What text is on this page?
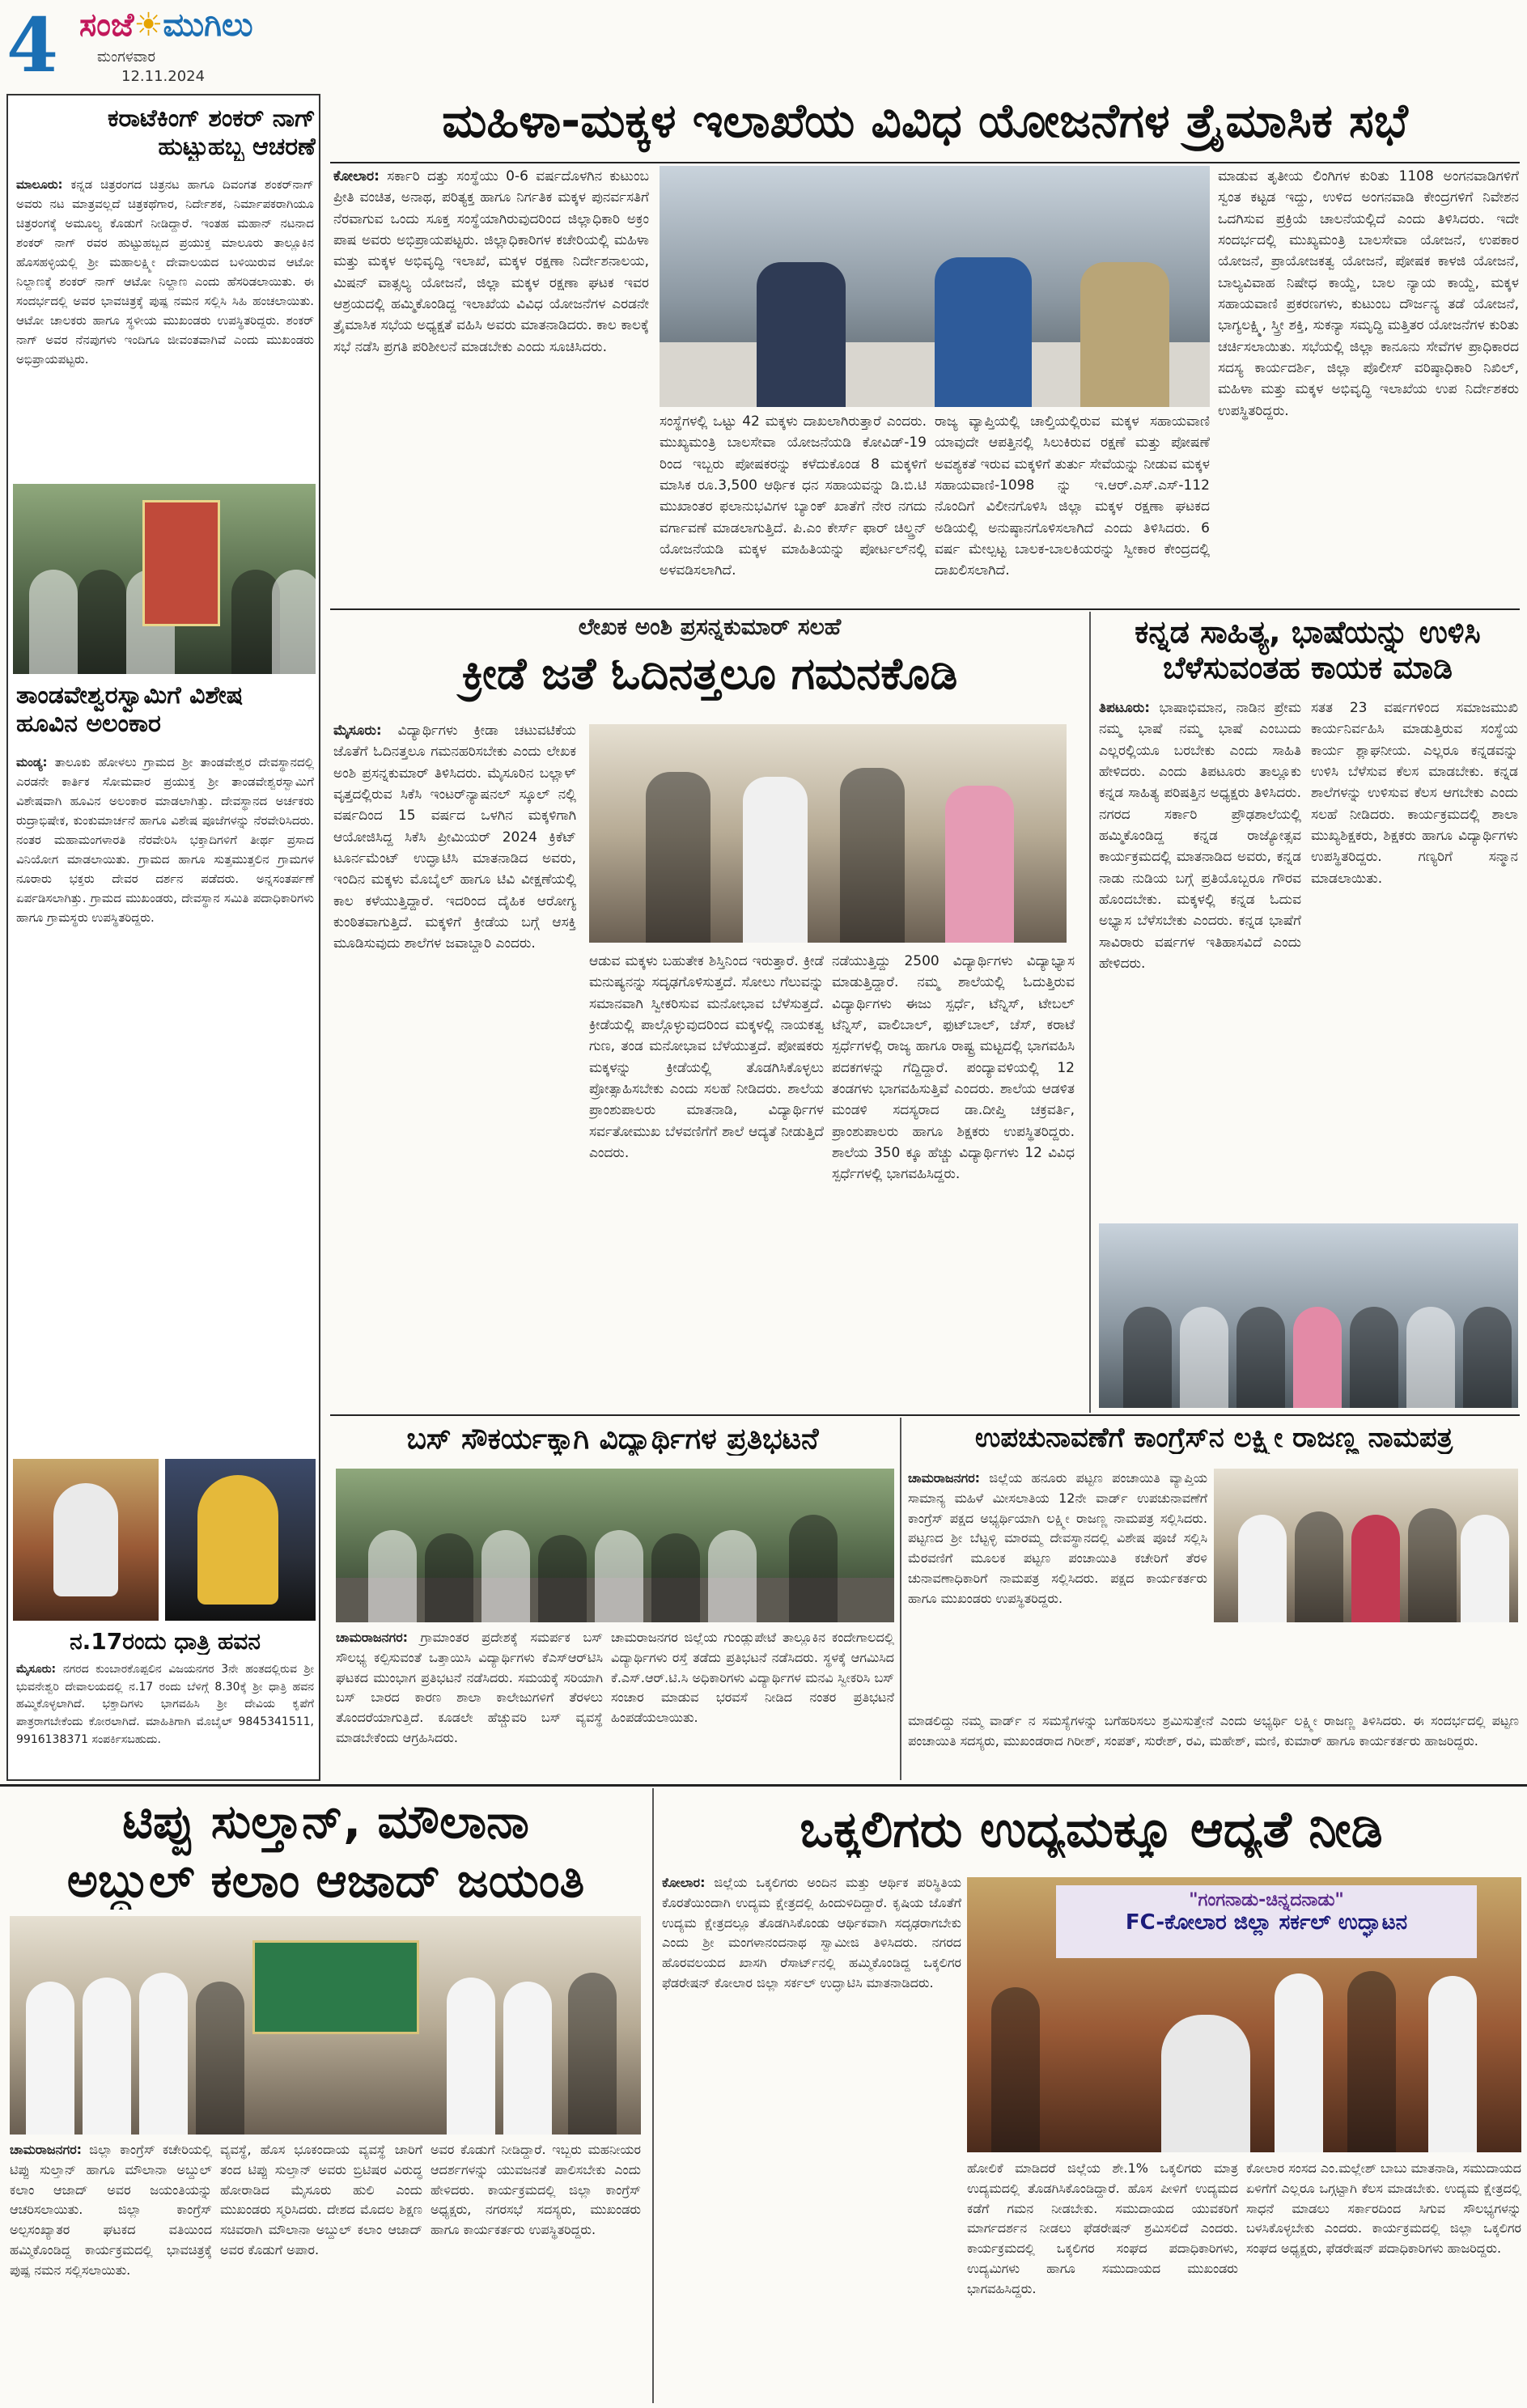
4 ಸಂಜೆ☀ಮುಗಿಲು
ಮಂಗಳವಾರ
12.11.2024
ಕರಾಟೆಕಿಂಗ್ ಶಂಕರ್ ನಾಗ್
ಹುಟ್ಟುಹಬ್ಬ ಆಚರಣೆ
ಮಾಲೂರು: ಕನ್ನಡ ಚಿತ್ರರಂಗದ ಚಿತ್ರನಟ ಹಾಗೂ ದಿವಂಗತ ಶಂಕರ್‌ನಾಗ್ ಅವರು ನಟ ಮಾತ್ರವಲ್ಲದೆ ಚಿತ್ರಕಥೆಗಾರ, ನಿರ್ದೇಶಕ, ನಿರ್ಮಾಪಕರಾಗಿಯೂ ಚಿತ್ರರಂಗಕ್ಕೆ ಅಮೂಲ್ಯ ಕೊಡುಗೆ ನೀಡಿದ್ದಾರೆ. ಇಂತಹ ಮಹಾನ್ ನಟನಾದ ಶಂಕರ್ ನಾಗ್ ರವರ ಹುಟ್ಟುಹಬ್ಬದ ಪ್ರಯುಕ್ತ ಮಾಲೂರು ತಾಲ್ಲೂಕಿನ ಹೊಸಹಳ್ಳಿಯಲ್ಲಿ ಶ್ರೀ ಮಹಾಲಕ್ಷ್ಮೀ ದೇವಾಲಯದ ಬಳಿಯಿರುವ ಆಟೋ ನಿಲ್ದಾಣಕ್ಕೆ ಶಂಕರ್ ನಾಗ್ ಆಟೋ ನಿಲ್ದಾಣ ಎಂದು ಹೆಸರಿಡಲಾಯಿತು. ಈ ಸಂದರ್ಭದಲ್ಲಿ ಅವರ ಭಾವಚಿತ್ರಕ್ಕೆ ಪುಷ್ಪ ನಮನ ಸಲ್ಲಿಸಿ ಸಿಹಿ ಹಂಚಲಾಯಿತು. ಆಟೋ ಚಾಲಕರು ಹಾಗೂ ಸ್ಥಳೀಯ ಮುಖಂಡರು ಉಪಸ್ಥಿತರಿದ್ದರು. ಶಂಕರ್ ನಾಗ್ ಅವರ ನೆನಪುಗಳು ಇಂದಿಗೂ ಜೀವಂತವಾಗಿವೆ ಎಂದು ಮುಖಂಡರು ಅಭಿಪ್ರಾಯಪಟ್ಟರು.
ತಾಂಡವೇಶ್ವರಸ್ವಾಮಿಗೆ ವಿಶೇಷ
ಹೂವಿನ ಅಲಂಕಾರ
ಮಂಡ್ಯ: ತಾಲೂಕು ಹೋಳಲು ಗ್ರಾಮದ ಶ್ರೀ ತಾಂಡವೇಶ್ವರ ದೇವಸ್ಥಾನದಲ್ಲಿ ಎರಡನೇ ಕಾರ್ತಿಕ ಸೋಮವಾರ ಪ್ರಯುಕ್ತ ಶ್ರೀ ತಾಂಡವೇಶ್ವರಸ್ವಾಮಿಗೆ ವಿಶೇಷವಾಗಿ ಹೂವಿನ ಅಲಂಕಾರ ಮಾಡಲಾಗಿತ್ತು. ದೇವಸ್ಥಾನದ ಅರ್ಚಕರು ರುದ್ರಾಭಿಷೇಕ, ಕುಂಕುಮಾರ್ಚನೆ ಹಾಗೂ ವಿಶೇಷ ಪೂಜೆಗಳನ್ನು ನೆರವೇರಿಸಿದರು. ನಂತರ ಮಹಾಮಂಗಳಾರತಿ ನೆರವೇರಿಸಿ ಭಕ್ತಾದಿಗಳಿಗೆ ತೀರ್ಥ ಪ್ರಸಾದ ವಿನಿಯೋಗ ಮಾಡಲಾಯಿತು. ಗ್ರಾಮದ ಹಾಗೂ ಸುತ್ತಮುತ್ತಲಿನ ಗ್ರಾಮಗಳ ನೂರಾರು ಭಕ್ತರು ದೇವರ ದರ್ಶನ ಪಡೆದರು. ಅನ್ನಸಂತರ್ಪಣೆ ಏರ್ಪಡಿಸಲಾಗಿತ್ತು. ಗ್ರಾಮದ ಮುಖಂಡರು, ದೇವಸ್ಥಾನ ಸಮಿತಿ ಪದಾಧಿಕಾರಿಗಳು ಹಾಗೂ ಗ್ರಾಮಸ್ಥರು ಉಪಸ್ಥಿತರಿದ್ದರು.
ನ.17ರಂದು ಧಾತ್ರಿ ಹವನ
ಮೈಸೂರು: ನಗರದ ಕುಂಬಾರಕೊಪ್ಪಲಿನ ವಿಜಯನಗರ 3ನೇ ಹಂತದಲ್ಲಿರುವ ಶ್ರೀ ಭುವನೇಶ್ವರಿ ದೇವಾಲಯದಲ್ಲಿ ನ.17 ರಂದು ಬೆಳಿಗ್ಗೆ 8.30ಕ್ಕೆ ಶ್ರೀ ಧಾತ್ರಿ ಹವನ ಹಮ್ಮಿಕೊಳ್ಳಲಾಗಿದೆ. ಭಕ್ತಾದಿಗಳು ಭಾಗವಹಿಸಿ ಶ್ರೀ ದೇವಿಯ ಕೃಪೆಗೆ ಪಾತ್ರರಾಗಬೇಕೆಂದು ಕೋರಲಾಗಿದೆ. ಮಾಹಿತಿಗಾಗಿ ಮೊಬೈಲ್ 9845341511, 9916138371 ಸಂಪರ್ಕಿಸಬಹುದು.
ಮಹಿಳಾ-ಮಕ್ಕಳ ಇಲಾಖೆಯ ವಿವಿಧ ಯೋಜನೆಗಳ ತ್ರೈಮಾಸಿಕ ಸಭೆ
ಕೋಲಾರ: ಸರ್ಕಾರಿ ದತ್ತು ಸಂಸ್ಥೆಯು 0-6 ವರ್ಷದೊಳಗಿನ ಕುಟುಂಬ ಪ್ರೀತಿ ವಂಚಿತ, ಅನಾಥ, ಪರಿತ್ಯಕ್ತ ಹಾಗೂ ನಿರ್ಗತಿಕ ಮಕ್ಕಳ ಪುನರ್ವಸತಿಗೆ ನೆರವಾಗುವ ಒಂದು ಸೂಕ್ತ ಸಂಸ್ಥೆಯಾಗಿರುವುದರಿಂದ ಜಿಲ್ಲಾಧಿಕಾರಿ ಅಕ್ರಂ ಪಾಷ ಅವರು ಅಭಿಪ್ರಾಯಪಟ್ಟರು. ಜಿಲ್ಲಾಧಿಕಾರಿಗಳ ಕಚೇರಿಯಲ್ಲಿ ಮಹಿಳಾ ಮತ್ತು ಮಕ್ಕಳ ಅಭಿವೃದ್ಧಿ ಇಲಾಖೆ, ಮಕ್ಕಳ ರಕ್ಷಣಾ ನಿರ್ದೇಶನಾಲಯ, ಮಿಷನ್ ವಾತ್ಸಲ್ಯ ಯೋಜನೆ, ಜಿಲ್ಲಾ ಮಕ್ಕಳ ರಕ್ಷಣಾ ಘಟಕ ಇವರ ಆಶ್ರಯದಲ್ಲಿ ಹಮ್ಮಿಕೊಂಡಿದ್ದ ಇಲಾಖೆಯ ವಿವಿಧ ಯೋಜನೆಗಳ ಎರಡನೇ ತ್ರೈಮಾಸಿಕ ಸಭೆಯ ಅಧ್ಯಕ್ಷತೆ ವಹಿಸಿ ಅವರು ಮಾತನಾಡಿದರು. ಕಾಲ ಕಾಲಕ್ಕೆ ಸಭೆ ನಡೆಸಿ ಪ್ರಗತಿ ಪರಿಶೀಲನೆ ಮಾಡಬೇಕು ಎಂದು ಸೂಚಿಸಿದರು.
ಸಂಸ್ಥೆಗಳಲ್ಲಿ ಒಟ್ಟು 42 ಮಕ್ಕಳು ದಾಖಲಾಗಿರುತ್ತಾರೆ ಎಂದರು. ಮುಖ್ಯಮಂತ್ರಿ ಬಾಲಸೇವಾ ಯೋಜನೆಯಡಿ ಕೋವಿಡ್-19 ರಿಂದ ಇಬ್ಬರು ಪೋಷಕರನ್ನು ಕಳೆದುಕೊಂಡ 8 ಮಕ್ಕಳಿಗೆ ಮಾಸಿಕ ರೂ.3,500 ಆರ್ಥಿಕ ಧನ ಸಹಾಯವನ್ನು ಡಿ.ಬಿ.ಟಿ ಮುಖಾಂತರ ಫಲಾನುಭವಿಗಳ ಬ್ಯಾಂಕ್ ಖಾತೆಗೆ ನೇರ ನಗದು ವರ್ಗಾವಣೆ ಮಾಡಲಾಗುತ್ತಿದೆ. ಪಿ.ಎಂ ಕೇರ್ಸ್ ಫಾರ್ ಚಿಲ್ಡ್ರನ್ ಯೋಜನೆಯಡಿ ಮಕ್ಕಳ ಮಾಹಿತಿಯನ್ನು ಪೋರ್ಟಲ್‌ನಲ್ಲಿ ಅಳವಡಿಸಲಾಗಿದೆ.
ರಾಜ್ಯ ವ್ಯಾಪ್ತಿಯಲ್ಲಿ ಚಾಲ್ತಿಯಲ್ಲಿರುವ ಮಕ್ಕಳ ಸಹಾಯವಾಣಿ ಯಾವುದೇ ಆಪತ್ತಿನಲ್ಲಿ ಸಿಲುಕಿರುವ ರಕ್ಷಣೆ ಮತ್ತು ಪೋಷಣೆ ಅವಶ್ಯಕತೆ ಇರುವ ಮಕ್ಕಳಿಗೆ ತುರ್ತು ಸೇವೆಯನ್ನು ನೀಡುವ ಮಕ್ಕಳ ಸಹಾಯವಾಣಿ-1098 ನ್ನು ಇ.ಆರ್.ಎಸ್.ಎಸ್-112 ನೊಂದಿಗೆ ವಿಲೀನಗೊಳಿಸಿ ಜಿಲ್ಲಾ ಮಕ್ಕಳ ರಕ್ಷಣಾ ಘಟಕದ ಅಡಿಯಲ್ಲಿ ಅನುಷ್ಠಾನಗೊಳಿಸಲಾಗಿದೆ ಎಂದು ತಿಳಿಸಿದರು. 6 ವರ್ಷ ಮೇಲ್ಪಟ್ಟ ಬಾಲಕ-ಬಾಲಕಿಯರನ್ನು ಸ್ವೀಕಾರ ಕೇಂದ್ರದಲ್ಲಿ ದಾಖಲಿಸಲಾಗಿದೆ.
ಮಾಡುವ ತೃತೀಯ ಲಿಂಗಿಗಳ ಕುರಿತು 1108 ಅಂಗನವಾಡಿಗಳಿಗೆ ಸ್ವಂತ ಕಟ್ಟಡ ಇದ್ದು, ಉಳಿದ ಅಂಗನವಾಡಿ ಕೇಂದ್ರಗಳಿಗೆ ನಿವೇಶನ ಒದಗಿಸುವ ಪ್ರಕ್ರಿಯೆ ಚಾಲನೆಯಲ್ಲಿದೆ ಎಂದು ತಿಳಿಸಿದರು. ಇದೇ ಸಂದರ್ಭದಲ್ಲಿ ಮುಖ್ಯಮಂತ್ರಿ ಬಾಲಸೇವಾ ಯೋಜನೆ, ಉಪಕಾರ ಯೋಜನೆ, ಪ್ರಾಯೋಜಕತ್ವ ಯೋಜನೆ, ಪೋಷಕ ಕಾಳಜಿ ಯೋಜನೆ, ಬಾಲ್ಯವಿವಾಹ ನಿಷೇಧ ಕಾಯ್ದೆ, ಬಾಲ ನ್ಯಾಯ ಕಾಯ್ದೆ, ಮಕ್ಕಳ ಸಹಾಯವಾಣಿ ಪ್ರಕರಣಗಳು, ಕುಟುಂಬ ದೌರ್ಜನ್ಯ ತಡೆ ಯೋಜನೆ, ಭಾಗ್ಯಲಕ್ಷ್ಮಿ, ಸ್ತ್ರೀ ಶಕ್ತಿ, ಸುಕನ್ಯಾ ಸಮೃದ್ಧಿ ಮತ್ತಿತರ ಯೋಜನೆಗಳ ಕುರಿತು ಚರ್ಚಿಸಲಾಯಿತು. ಸಭೆಯಲ್ಲಿ ಜಿಲ್ಲಾ ಕಾನೂನು ಸೇವೆಗಳ ಪ್ರಾಧಿಕಾರದ ಸದಸ್ಯ ಕಾರ್ಯದರ್ಶಿ, ಜಿಲ್ಲಾ ಪೊಲೀಸ್ ವರಿಷ್ಠಾಧಿಕಾರಿ ನಿಖಿಲ್, ಮಹಿಳಾ ಮತ್ತು ಮಕ್ಕಳ ಅಭಿವೃದ್ಧಿ ಇಲಾಖೆಯ ಉಪ ನಿರ್ದೇಶಕರು ಉಪಸ್ಥಿತರಿದ್ದರು.
ಲೇಖಕ ಅಂಶಿ ಪ್ರಸನ್ನಕುಮಾರ್ ಸಲಹೆ
ಕ್ರೀಡೆ ಜತೆ ಓದಿನತ್ತಲೂ ಗಮನಕೊಡಿ
ಮೈಸೂರು: ವಿದ್ಯಾರ್ಥಿಗಳು ಕ್ರೀಡಾ ಚಟುವಟಿಕೆಯ ಜೊತೆಗೆ ಓದಿನತ್ತಲೂ ಗಮನಹರಿಸಬೇಕು ಎಂದು ಲೇಖಕ ಅಂಶಿ ಪ್ರಸನ್ನಕುಮಾರ್ ತಿಳಿಸಿದರು. ಮೈಸೂರಿನ ಬಲ್ಲಾಳ್ ವೃತ್ತದಲ್ಲಿರುವ ಸಿಕೆಸಿ ಇಂಟರ್‌ನ್ಯಾಷನಲ್ ಸ್ಕೂಲ್ ನಲ್ಲಿ ವರ್ಷದಿಂದ 15 ವರ್ಷದ ಒಳಗಿನ ಮಕ್ಕಳಿಗಾಗಿ ಆಯೋಜಿಸಿದ್ದ ಸಿಕೆಸಿ ಪ್ರೀಮಿಯರ್ 2024 ಕ್ರಿಕೆಟ್ ಟೂರ್ನಮೆಂಟ್ ಉದ್ಘಾಟಿಸಿ ಮಾತನಾಡಿದ ಅವರು, ಇಂದಿನ ಮಕ್ಕಳು ಮೊಬೈಲ್ ಹಾಗೂ ಟಿವಿ ವೀಕ್ಷಣೆಯಲ್ಲಿ ಕಾಲ ಕಳೆಯುತ್ತಿದ್ದಾರೆ. ಇದರಿಂದ ದೈಹಿಕ ಆರೋಗ್ಯ ಕುಂಠಿತವಾಗುತ್ತಿದೆ. ಮಕ್ಕಳಿಗೆ ಕ್ರೀಡೆಯ ಬಗ್ಗೆ ಆಸಕ್ತಿ ಮೂಡಿಸುವುದು ಶಾಲೆಗಳ ಜವಾಬ್ದಾರಿ ಎಂದರು.
ಆಡುವ ಮಕ್ಕಳು ಬಹುತೇಕ ಶಿಸ್ತಿನಿಂದ ಇರುತ್ತಾರೆ. ಕ್ರೀಡೆ ಮನುಷ್ಯನನ್ನು ಸದೃಢಗೊಳಿಸುತ್ತದೆ. ಸೋಲು ಗೆಲುವನ್ನು ಸಮಾನವಾಗಿ ಸ್ವೀಕರಿಸುವ ಮನೋಭಾವ ಬೆಳೆಸುತ್ತದೆ. ಕ್ರೀಡೆಯಲ್ಲಿ ಪಾಲ್ಗೊಳ್ಳುವುದರಿಂದ ಮಕ್ಕಳಲ್ಲಿ ನಾಯಕತ್ವ ಗುಣ, ತಂಡ ಮನೋಭಾವ ಬೆಳೆಯುತ್ತದೆ. ಪೋಷಕರು ಮಕ್ಕಳನ್ನು ಕ್ರೀಡೆಯಲ್ಲಿ ತೊಡಗಿಸಿಕೊಳ್ಳಲು ಪ್ರೋತ್ಸಾಹಿಸಬೇಕು ಎಂದು ಸಲಹೆ ನೀಡಿದರು. ಶಾಲೆಯ ಪ್ರಾಂಶುಪಾಲರು ಮಾತನಾಡಿ, ವಿದ್ಯಾರ್ಥಿಗಳ ಸರ್ವತೋಮುಖ ಬೆಳವಣಿಗೆಗೆ ಶಾಲೆ ಆದ್ಯತೆ ನೀಡುತ್ತಿದೆ ಎಂದರು.
ನಡೆಯುತ್ತಿದ್ದು 2500 ವಿದ್ಯಾರ್ಥಿಗಳು ವಿದ್ಯಾಭ್ಯಾಸ ಮಾಡುತ್ತಿದ್ದಾರೆ. ನಮ್ಮ ಶಾಲೆಯಲ್ಲಿ ಓದುತ್ತಿರುವ ವಿದ್ಯಾರ್ಥಿಗಳು ಈಜು ಸ್ಪರ್ಧೆ, ಟೆನ್ನಿಸ್, ಟೇಬಲ್ ಟೆನ್ನಿಸ್, ವಾಲಿಬಾಲ್, ಫುಟ್‌ಬಾಲ್, ಚೆಸ್, ಕರಾಟೆ ಸ್ಪರ್ಧೆಗಳಲ್ಲಿ ರಾಜ್ಯ ಹಾಗೂ ರಾಷ್ಟ್ರ ಮಟ್ಟದಲ್ಲಿ ಭಾಗವಹಿಸಿ ಪದಕಗಳನ್ನು ಗೆದ್ದಿದ್ದಾರೆ. ಪಂದ್ಯಾವಳಿಯಲ್ಲಿ 12 ತಂಡಗಳು ಭಾಗವಹಿಸುತ್ತಿವೆ ಎಂದರು. ಶಾಲೆಯ ಆಡಳಿತ ಮಂಡಳಿ ಸದಸ್ಯರಾದ ಡಾ.ದೀಪ್ತಿ ಚಕ್ರವರ್ತಿ, ಪ್ರಾಂಶುಪಾಲರು ಹಾಗೂ ಶಿಕ್ಷಕರು ಉಪಸ್ಥಿತರಿದ್ದರು. ಶಾಲೆಯ 350 ಕ್ಕೂ ಹೆಚ್ಚು ವಿದ್ಯಾರ್ಥಿಗಳು 12 ವಿವಿಧ ಸ್ಪರ್ಧೆಗಳಲ್ಲಿ ಭಾಗವಹಿಸಿದ್ದರು.
ಕನ್ನಡ ಸಾಹಿತ್ಯ, ಭಾಷೆಯನ್ನು ಉಳಿಸಿ
ಬೆಳೆಸುವಂತಹ ಕಾಯಕ ಮಾಡಿ
ತಿಪಟೂರು: ಭಾಷಾಭಿಮಾನ, ನಾಡಿನ ಪ್ರೇಮ ನಮ್ಮ ಭಾಷೆ ನಮ್ಮ ಭಾಷೆ ಎಂಬುದು ಎಲ್ಲರಲ್ಲಿಯೂ ಬರಬೇಕು ಎಂದು ಸಾಹಿತಿ ಹೇಳಿದರು. ಎಂದು ತಿಪಟೂರು ತಾಲ್ಲೂಕು ಕನ್ನಡ ಸಾಹಿತ್ಯ ಪರಿಷತ್ತಿನ ಅಧ್ಯಕ್ಷರು ತಿಳಿಸಿದರು. ನಗರದ ಸರ್ಕಾರಿ ಪ್ರೌಢಶಾಲೆಯಲ್ಲಿ ಹಮ್ಮಿಕೊಂಡಿದ್ದ ಕನ್ನಡ ರಾಜ್ಯೋತ್ಸವ ಕಾರ್ಯಕ್ರಮದಲ್ಲಿ ಮಾತನಾಡಿದ ಅವರು, ಕನ್ನಡ ನಾಡು ನುಡಿಯ ಬಗ್ಗೆ ಪ್ರತಿಯೊಬ್ಬರೂ ಗೌರವ ಹೊಂದಬೇಕು. ಮಕ್ಕಳಲ್ಲಿ ಕನ್ನಡ ಓದುವ ಅಭ್ಯಾಸ ಬೆಳೆಸಬೇಕು ಎಂದರು. ಕನ್ನಡ ಭಾಷೆಗೆ ಸಾವಿರಾರು ವರ್ಷಗಳ ಇತಿಹಾಸವಿದೆ ಎಂದು ಹೇಳಿದರು.
ಸತತ 23 ವರ್ಷಗಳಿಂದ ಸಮಾಜಮುಖಿ ಕಾರ್ಯನಿರ್ವಹಿಸಿ ಮಾಡುತ್ತಿರುವ ಸಂಸ್ಥೆಯ ಕಾರ್ಯ ಶ್ಲಾಘನೀಯ. ಎಲ್ಲರೂ ಕನ್ನಡವನ್ನು ಉಳಿಸಿ ಬೆಳೆಸುವ ಕೆಲಸ ಮಾಡಬೇಕು. ಕನ್ನಡ ಶಾಲೆಗಳನ್ನು ಉಳಿಸುವ ಕೆಲಸ ಆಗಬೇಕು ಎಂದು ಸಲಹೆ ನೀಡಿದರು. ಕಾರ್ಯಕ್ರಮದಲ್ಲಿ ಶಾಲಾ ಮುಖ್ಯಶಿಕ್ಷಕರು, ಶಿಕ್ಷಕರು ಹಾಗೂ ವಿದ್ಯಾರ್ಥಿಗಳು ಉಪಸ್ಥಿತರಿದ್ದರು. ಗಣ್ಯರಿಗೆ ಸನ್ಮಾನ ಮಾಡಲಾಯಿತು.
ಬಸ್ ಸೌಕರ್ಯಕ್ಕಾಗಿ ವಿದ್ಯಾರ್ಥಿಗಳ ಪ್ರತಿಭಟನೆ
ಚಾಮರಾಜನಗರ: ಗ್ರಾಮಾಂತರ ಪ್ರದೇಶಕ್ಕೆ ಸಮರ್ಪಕ ಬಸ್ ಸೌಲಭ್ಯ ಕಲ್ಪಿಸುವಂತೆ ಒತ್ತಾಯಿಸಿ ವಿದ್ಯಾರ್ಥಿಗಳು ಕೆಎಸ್‌ಆರ್‌ಟಿಸಿ ಘಟಕದ ಮುಂಭಾಗ ಪ್ರತಿಭಟನೆ ನಡೆಸಿದರು. ಸಮಯಕ್ಕೆ ಸರಿಯಾಗಿ ಬಸ್ ಬಾರದ ಕಾರಣ ಶಾಲಾ ಕಾಲೇಜುಗಳಿಗೆ ತೆರಳಲು ತೊಂದರೆಯಾಗುತ್ತಿದೆ. ಕೂಡಲೇ ಹೆಚ್ಚುವರಿ ಬಸ್ ವ್ಯವಸ್ಥೆ ಮಾಡಬೇಕೆಂದು ಆಗ್ರಹಿಸಿದರು.
ಚಾಮರಾಜನಗರ ಜಿಲ್ಲೆಯ ಗುಂಡ್ಲುಪೇಟೆ ತಾಲ್ಲೂಕಿನ ಕಂದೇಗಾಲದಲ್ಲಿ ವಿದ್ಯಾರ್ಥಿಗಳು ರಸ್ತೆ ತಡೆದು ಪ್ರತಿಭಟನೆ ನಡೆಸಿದರು. ಸ್ಥಳಕ್ಕೆ ಆಗಮಿಸಿದ ಕೆ.ಎಸ್.ಆರ್.ಟಿ.ಸಿ ಅಧಿಕಾರಿಗಳು ವಿದ್ಯಾರ್ಥಿಗಳ ಮನವಿ ಸ್ವೀಕರಿಸಿ ಬಸ್ ಸಂಚಾರ ಮಾಡುವ ಭರವಸೆ ನೀಡಿದ ನಂತರ ಪ್ರತಿಭಟನೆ ಹಿಂಪಡೆಯಲಾಯಿತು.
ಉಪಚುನಾವಣೆಗೆ ಕಾಂಗ್ರೆಸ್‌ನ ಲಕ್ಷ್ಮೀ ರಾಜಣ್ಣ ನಾಮಪತ್ರ
ಚಾಮರಾಜನಗರ: ಜಿಲ್ಲೆಯ ಹನೂರು ಪಟ್ಟಣ ಪಂಚಾಯಿತಿ ವ್ಯಾಪ್ತಿಯ ಸಾಮಾನ್ಯ ಮಹಿಳೆ ಮೀಸಲಾತಿಯ 12ನೇ ವಾರ್ಡ್ ಉಪಚುನಾವಣೆಗೆ ಕಾಂಗ್ರೆಸ್ ಪಕ್ಷದ ಅಭ್ಯರ್ಥಿಯಾಗಿ ಲಕ್ಷ್ಮೀ ರಾಜಣ್ಣ ನಾಮಪತ್ರ ಸಲ್ಲಿಸಿದರು. ಪಟ್ಟಣದ ಶ್ರೀ ಬೆಟ್ಟಳ್ಳಿ ಮಾರಮ್ಮ ದೇವಸ್ಥಾನದಲ್ಲಿ ವಿಶೇಷ ಪೂಜೆ ಸಲ್ಲಿಸಿ ಮೆರವಣಿಗೆ ಮೂಲಕ ಪಟ್ಟಣ ಪಂಚಾಯಿತಿ ಕಚೇರಿಗೆ ತೆರಳಿ ಚುನಾವಣಾಧಿಕಾರಿಗೆ ನಾಮಪತ್ರ ಸಲ್ಲಿಸಿದರು. ಪಕ್ಷದ ಕಾರ್ಯಕರ್ತರು ಹಾಗೂ ಮುಖಂಡರು ಉಪಸ್ಥಿತರಿದ್ದರು.
ಮಾಡಲಿದ್ದು ನಮ್ಮ ವಾರ್ಡ್ ನ ಸಮಸ್ಯೆಗಳನ್ನು ಬಗೆಹರಿಸಲು ಶ್ರಮಿಸುತ್ತೇನೆ ಎಂದು ಅಭ್ಯರ್ಥಿ ಲಕ್ಷ್ಮೀ ರಾಜಣ್ಣ ತಿಳಿಸಿದರು. ಈ ಸಂದರ್ಭದಲ್ಲಿ ಪಟ್ಟಣ ಪಂಚಾಯಿತಿ ಸದಸ್ಯರು, ಮುಖಂಡರಾದ ಗಿರೀಶ್, ಸಂಪತ್, ಸುರೇಶ್, ರವಿ, ಮಹೇಶ್, ಮಣಿ, ಕುಮಾರ್ ಹಾಗೂ ಕಾರ್ಯಕರ್ತರು ಹಾಜರಿದ್ದರು.
ಟಿಪ್ಪು ಸುಲ್ತಾನ್, ಮೌಲಾನಾ
ಅಬ್ದುಲ್ ಕಲಾಂ ಆಜಾದ್ ಜಯಂತಿ
ಚಾಮರಾಜನಗರ: ಜಿಲ್ಲಾ ಕಾಂಗ್ರೆಸ್ ಕಚೇರಿಯಲ್ಲಿ ಟಿಪ್ಪು ಸುಲ್ತಾನ್ ಹಾಗೂ ಮೌಲಾನಾ ಅಬ್ದುಲ್ ಕಲಾಂ ಆಜಾದ್ ಅವರ ಜಯಂತಿಯನ್ನು ಆಚರಿಸಲಾಯಿತು. ಜಿಲ್ಲಾ ಕಾಂಗ್ರೆಸ್ ಅಲ್ಪಸಂಖ್ಯಾತರ ಘಟಕದ ವತಿಯಿಂದ ಹಮ್ಮಿಕೊಂಡಿದ್ದ ಕಾರ್ಯಕ್ರಮದಲ್ಲಿ ಭಾವಚಿತ್ರಕ್ಕೆ ಪುಷ್ಪ ನಮನ ಸಲ್ಲಿಸಲಾಯಿತು.
ವ್ಯವಸ್ಥೆ, ಹೊಸ ಭೂಕಂದಾಯ ವ್ಯವಸ್ಥೆ ಜಾರಿಗೆ ತಂದ ಟಿಪ್ಪು ಸುಲ್ತಾನ್ ಅವರು ಬ್ರಿಟಿಷರ ವಿರುದ್ಧ ಹೋರಾಡಿದ ಮೈಸೂರು ಹುಲಿ ಎಂದು ಮುಖಂಡರು ಸ್ಮರಿಸಿದರು. ದೇಶದ ಮೊದಲ ಶಿಕ್ಷಣ ಸಚಿವರಾಗಿ ಮೌಲಾನಾ ಅಬ್ದುಲ್ ಕಲಾಂ ಆಜಾದ್ ಅವರ ಕೊಡುಗೆ ಅಪಾರ.
ಅವರ ಕೊಡುಗೆ ನೀಡಿದ್ದಾರೆ. ಇಬ್ಬರು ಮಹನೀಯರ ಆದರ್ಶಗಳನ್ನು ಯುವಜನತೆ ಪಾಲಿಸಬೇಕು ಎಂದು ಹೇಳಿದರು. ಕಾರ್ಯಕ್ರಮದಲ್ಲಿ ಜಿಲ್ಲಾ ಕಾಂಗ್ರೆಸ್ ಅಧ್ಯಕ್ಷರು, ನಗರಸಭೆ ಸದಸ್ಯರು, ಮುಖಂಡರು ಹಾಗೂ ಕಾರ್ಯಕರ್ತರು ಉಪಸ್ಥಿತರಿದ್ದರು.
ಒಕ್ಕಲಿಗರು ಉದ್ಯಮಕ್ಕೂ ಆದ್ಯತೆ ನೀಡಿ
ಕೋಲಾರ: ಜಿಲ್ಲೆಯ ಒಕ್ಕಲಿಗರು ಅಂದಿನ ಮತ್ತು ಆರ್ಥಿಕ ಪರಿಸ್ಥಿತಿಯ ಕೊರತೆಯಿಂದಾಗಿ ಉದ್ಯಮ ಕ್ಷೇತ್ರದಲ್ಲಿ ಹಿಂದುಳಿದಿದ್ದಾರೆ. ಕೃಷಿಯ ಜೊತೆಗೆ ಉದ್ಯಮ ಕ್ಷೇತ್ರದಲ್ಲೂ ತೊಡಗಿಸಿಕೊಂಡು ಆರ್ಥಿಕವಾಗಿ ಸದೃಢರಾಗಬೇಕು ಎಂದು ಶ್ರೀ ಮಂಗಳಾನಂದನಾಥ ಸ್ವಾಮೀಜಿ ತಿಳಿಸಿದರು. ನಗರದ ಹೊರವಲಯದ ಖಾಸಗಿ ರೆಸಾರ್ಟ್‌ನಲ್ಲಿ ಹಮ್ಮಿಕೊಂಡಿದ್ದ ಒಕ್ಕಲಿಗರ ಫೆಡರೇಷನ್ ಕೋಲಾರ ಜಿಲ್ಲಾ ಸರ್ಕಲ್ ಉದ್ಘಾಟಿಸಿ ಮಾತನಾಡಿದರು.
"ಗಂಗನಾಡು-ಚಿನ್ನದನಾಡು"
FC-ಕೋಲಾರ ಜಿಲ್ಲಾ ಸರ್ಕಲ್ ಉದ್ಘಾಟನ
ಹೋಲಿಕೆ ಮಾಡಿದರೆ ಜಿಲ್ಲೆಯ ಶೇ.1% ಒಕ್ಕಲಿಗರು ಮಾತ್ರ ಉದ್ಯಮದಲ್ಲಿ ತೊಡಗಿಸಿಕೊಂಡಿದ್ದಾರೆ. ಹೊಸ ಪೀಳಿಗೆ ಉದ್ಯಮದ ಕಡೆಗೆ ಗಮನ ನೀಡಬೇಕು. ಸಮುದಾಯದ ಯುವಕರಿಗೆ ಮಾರ್ಗದರ್ಶನ ನೀಡಲು ಫೆಡರೇಷನ್ ಶ್ರಮಿಸಲಿದೆ ಎಂದರು. ಕಾರ್ಯಕ್ರಮದಲ್ಲಿ ಒಕ್ಕಲಿಗರ ಸಂಘದ ಪದಾಧಿಕಾರಿಗಳು, ಉದ್ಯಮಿಗಳು ಹಾಗೂ ಸಮುದಾಯದ ಮುಖಂಡರು ಭಾಗವಹಿಸಿದ್ದರು.
ಕೋಲಾರ ಸಂಸದ ಎಂ.ಮಲ್ಲೇಶ್ ಬಾಬು ಮಾತನಾಡಿ, ಸಮುದಾಯದ ಏಳಿಗೆಗೆ ಎಲ್ಲರೂ ಒಗ್ಗಟ್ಟಾಗಿ ಕೆಲಸ ಮಾಡಬೇಕು. ಉದ್ಯಮ ಕ್ಷೇತ್ರದಲ್ಲಿ ಸಾಧನೆ ಮಾಡಲು ಸರ್ಕಾರದಿಂದ ಸಿಗುವ ಸೌಲಭ್ಯಗಳನ್ನು ಬಳಸಿಕೊಳ್ಳಬೇಕು ಎಂದರು. ಕಾರ್ಯಕ್ರಮದಲ್ಲಿ ಜಿಲ್ಲಾ ಒಕ್ಕಲಿಗರ ಸಂಘದ ಅಧ್ಯಕ್ಷರು, ಫೆಡರೇಷನ್ ಪದಾಧಿಕಾರಿಗಳು ಹಾಜರಿದ್ದರು.
